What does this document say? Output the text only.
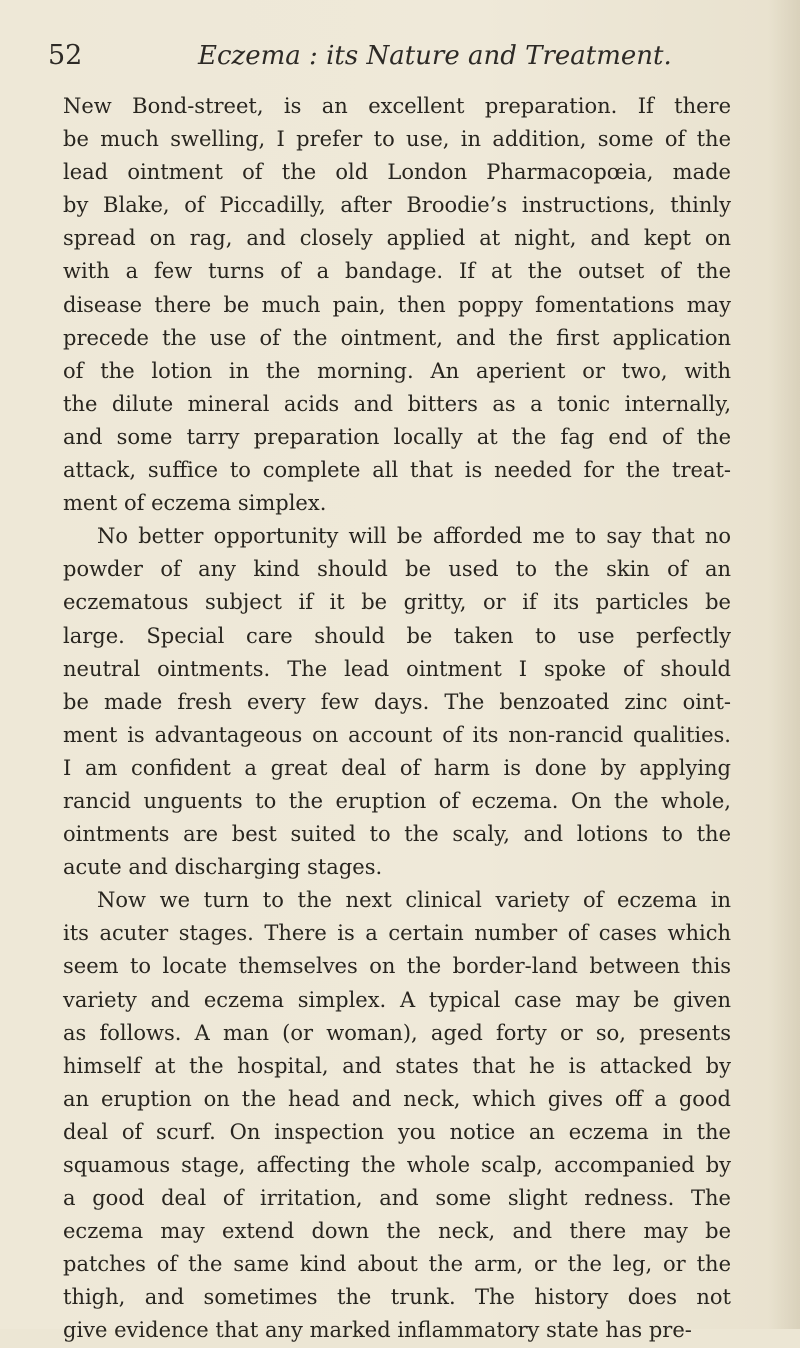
52	Eczema : its Nature and Treatment.
New Bond-street, is an excellent preparation. If there
be much swelling, I prefer to use, in addition, some of the
lead ointment of the old London Pharmacopœia, made
by Blake, of Piccadilly, after Broodie’s instructions, thinly
spread on rag, and closely applied at night, and kept on
with a few turns of a bandage. If at the outset of the
disease there be much pain, then poppy fomentations may
precede the use of the ointment, and the first application
of the lotion in the morning. An aperient or two, with
the dilute mineral acids and bitters as a tonic internally,
and some tarry preparation locally at the fag end of the
attack, suffice to complete all that is needed for the treat-
ment of eczema simplex.
No better opportunity will be afforded me to say that no
powder of any kind should be used to the skin of an
eczematous subject if it be gritty, or if its particles be
large. Special care should be taken to use perfectly
neutral ointments. The lead ointment I spoke of should
be made fresh every few days. The benzoated zinc oint-
ment is advantageous on account of its non-rancid qualities.
I am confident a great deal of harm is done by applying
rancid unguents to the eruption of eczema. On the whole,
ointments are best suited to the scaly, and lotions to the
acute and discharging stages.
Now we turn to the next clinical variety of eczema in
its acuter stages. There is a certain number of cases which
seem to locate themselves on the border-land between this
variety and eczema simplex. A typical case may be given
as follows. A man (or woman), aged forty or so, presents
himself at the hospital, and states that he is attacked by
an eruption on the head and neck, which gives off a good
deal of scurf. On inspection you notice an eczema in the
squamous stage, affecting the whole scalp, accompanied by
a good deal of irritation, and some slight redness. The
eczema may extend down the neck, and there may be
patches of the same kind about the arm, or the leg, or the
thigh, and sometimes the trunk. The history does not
give evidence that any marked inflammatory state has pre-
